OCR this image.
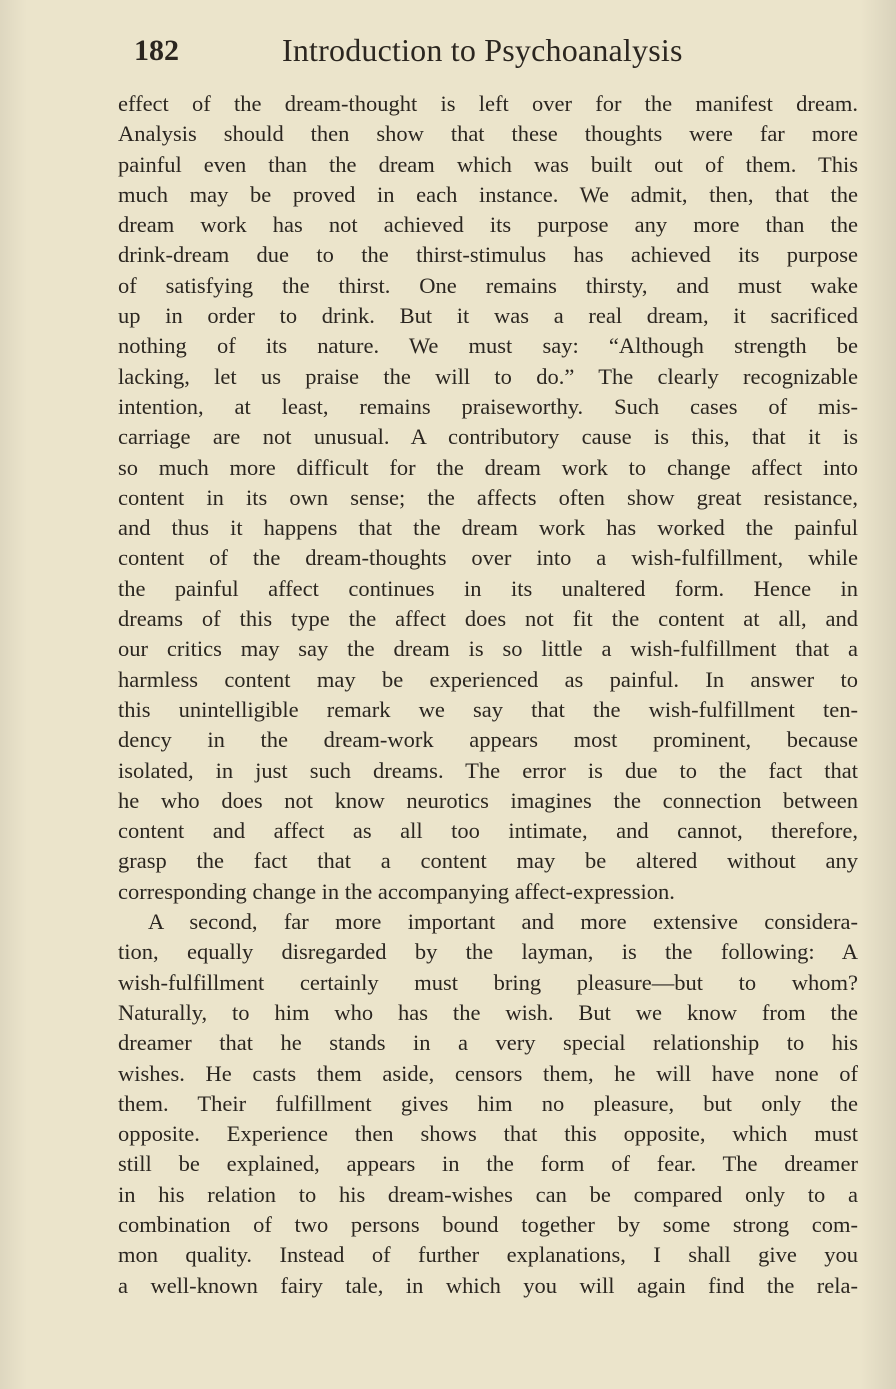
182	Introduction to Psychoanalysis
effect of the dream-thought is left over for the manifest dream.
Analysis should then show that these thoughts were far more
painful even than the dream which was built out of them. This
much may be proved in each instance. We admit, then, that the
dream work has not achieved its purpose any more than the
drink-dream due to the thirst-stimulus has achieved its purpose
of satisfying the thirst. One remains thirsty, and must wake
up in order to drink. But it was a real dream, it sacrificed
nothing of its nature. We must say: “Although strength be
lacking, let us praise the will to do.” The clearly recognizable
intention, at least, remains praiseworthy. Such cases of mis-
carriage are not unusual. A contributory cause is this, that it is
so much more difficult for the dream work to change affect into
content in its own sense; the affects often show great resistance,
and thus it happens that the dream work has worked the painful
content of the dream-thoughts over into a wish-fulfillment, while
the painful affect continues in its unaltered form. Hence in
dreams of this type the affect does not fit the content at all, and
our critics may say the dream is so little a wish-fulfillment that a
harmless content may be experienced as painful. In answer to
this unintelligible remark we say that the wish-fulfillment ten-
dency in the dream-work appears most prominent, because
isolated, in just such dreams. The error is due to the fact that
he who does not know neurotics imagines the connection between
content and affect as all too intimate, and cannot, therefore,
grasp the fact that a content may be altered without any
corresponding change in the accompanying affect-expression.
A second, far more important and more extensive considera-
tion, equally disregarded by the layman, is the following: A
wish-fulfillment certainly must bring pleasure—but to whom?
Naturally, to him who has the wish. But we know from the
dreamer that he stands in a very special relationship to his
wishes. He casts them aside, censors them, he will have none of
them. Their fulfillment gives him no pleasure, but only the
opposite. Experience then shows that this opposite, which must
still be explained, appears in the form of fear. The dreamer
in his relation to his dream-wishes can be compared only to a
combination of two persons bound together by some strong com-
mon quality. Instead of further explanations, I shall give you
a well-known fairy tale, in which you will again find the rela-
